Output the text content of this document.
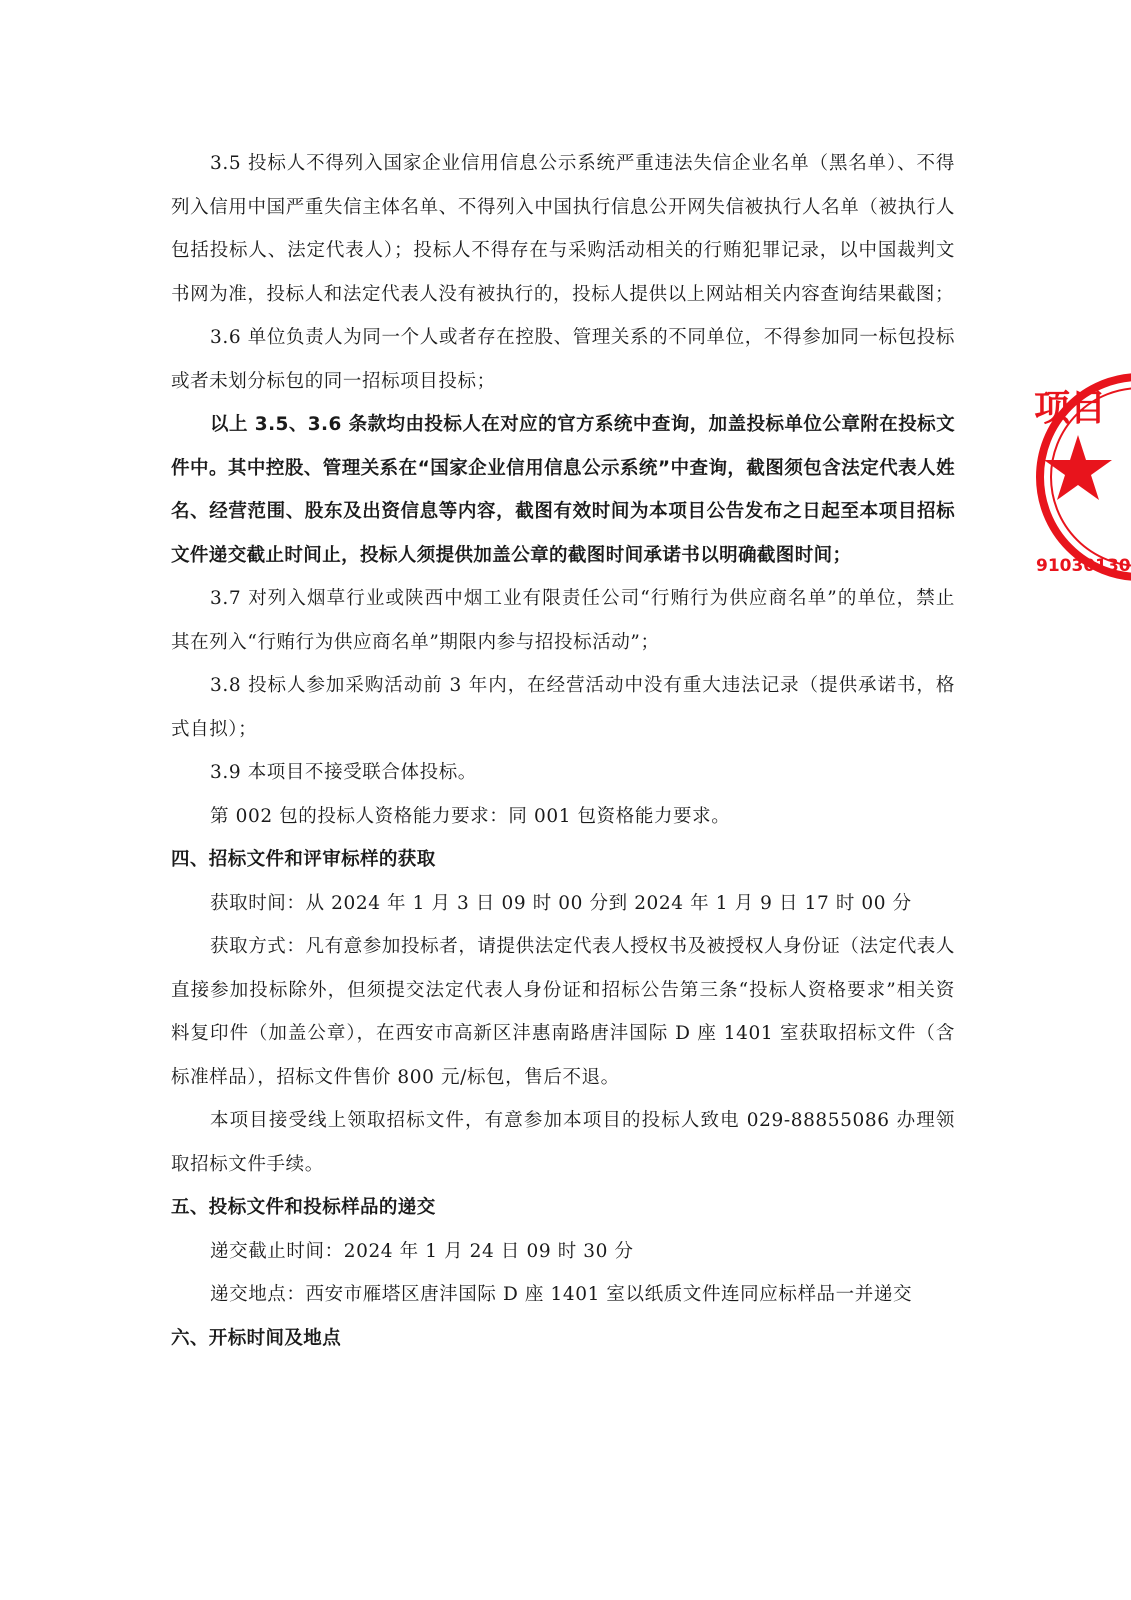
3.5 投标人不得列入国家企业信用信息公示系统严重违法失信企业名单（黑名单）、不得列入信用中国严重失信主体名单、不得列入中国执行信息公开网失信被执行人名单（被执行人包括投标人、法定代表人）；投标人不得存在与采购活动相关的行贿犯罪记录，以中国裁判文书网为准，投标人和法定代表人没有被执行的，投标人提供以上网站相关内容查询结果截图；

3.6 单位负责人为同一个人或者存在控股、管理关系的不同单位，不得参加同一标包投标或者未划分标包的同一招标项目投标；

以上 3.5、3.6 条款均由投标人在对应的官方系统中查询，加盖投标单位公章附在投标文件中。其中控股、管理关系在“国家企业信用信息公示系统”中查询，截图须包含法定代表人姓名、经营范围、股东及出资信息等内容，截图有效时间为本项目公告发布之日起至本项目招标文件递交截止时间止，投标人须提供加盖公章的截图时间承诺书以明确截图时间；

3.7 对列入烟草行业或陕西中烟工业有限责任公司“行贿行为供应商名单”的单位，禁止其在列入“行贿行为供应商名单”期限内参与招投标活动”；

3.8 投标人参加采购活动前 3 年内，在经营活动中没有重大违法记录（提供承诺书，格式自拟）；

3.9 本项目不接受联合体投标。

第 002 包的投标人资格能力要求：同 001 包资格能力要求。

四、招标文件和评审标样的获取

获取时间：从 2024 年 1 月 3 日 09 时 00 分到 2024 年 1 月 9 日 17 时 00 分

获取方式：凡有意参加投标者，请提供法定代表人授权书及被授权人身份证（法定代表人直接参加投标除外，但须提交法定代表人身份证和招标公告第三条“投标人资格要求”相关资料复印件（加盖公章），在西安市高新区沣惠南路唐沣国际 D 座 1401 室获取招标文件（含标准样品），招标文件售价 800 元/标包，售后不退。

本项目接受线上领取招标文件，有意参加本项目的投标人致电 029-88855086 办理领取招标文件手续。

五、投标文件和投标样品的递交

递交截止时间：2024 年 1 月 24 日 09 时 30 分

递交地点：西安市雁塔区唐沣国际 D 座 1401 室以纸质文件连同应标样品一并递交

六、开标时间及地点

项目
91030130
